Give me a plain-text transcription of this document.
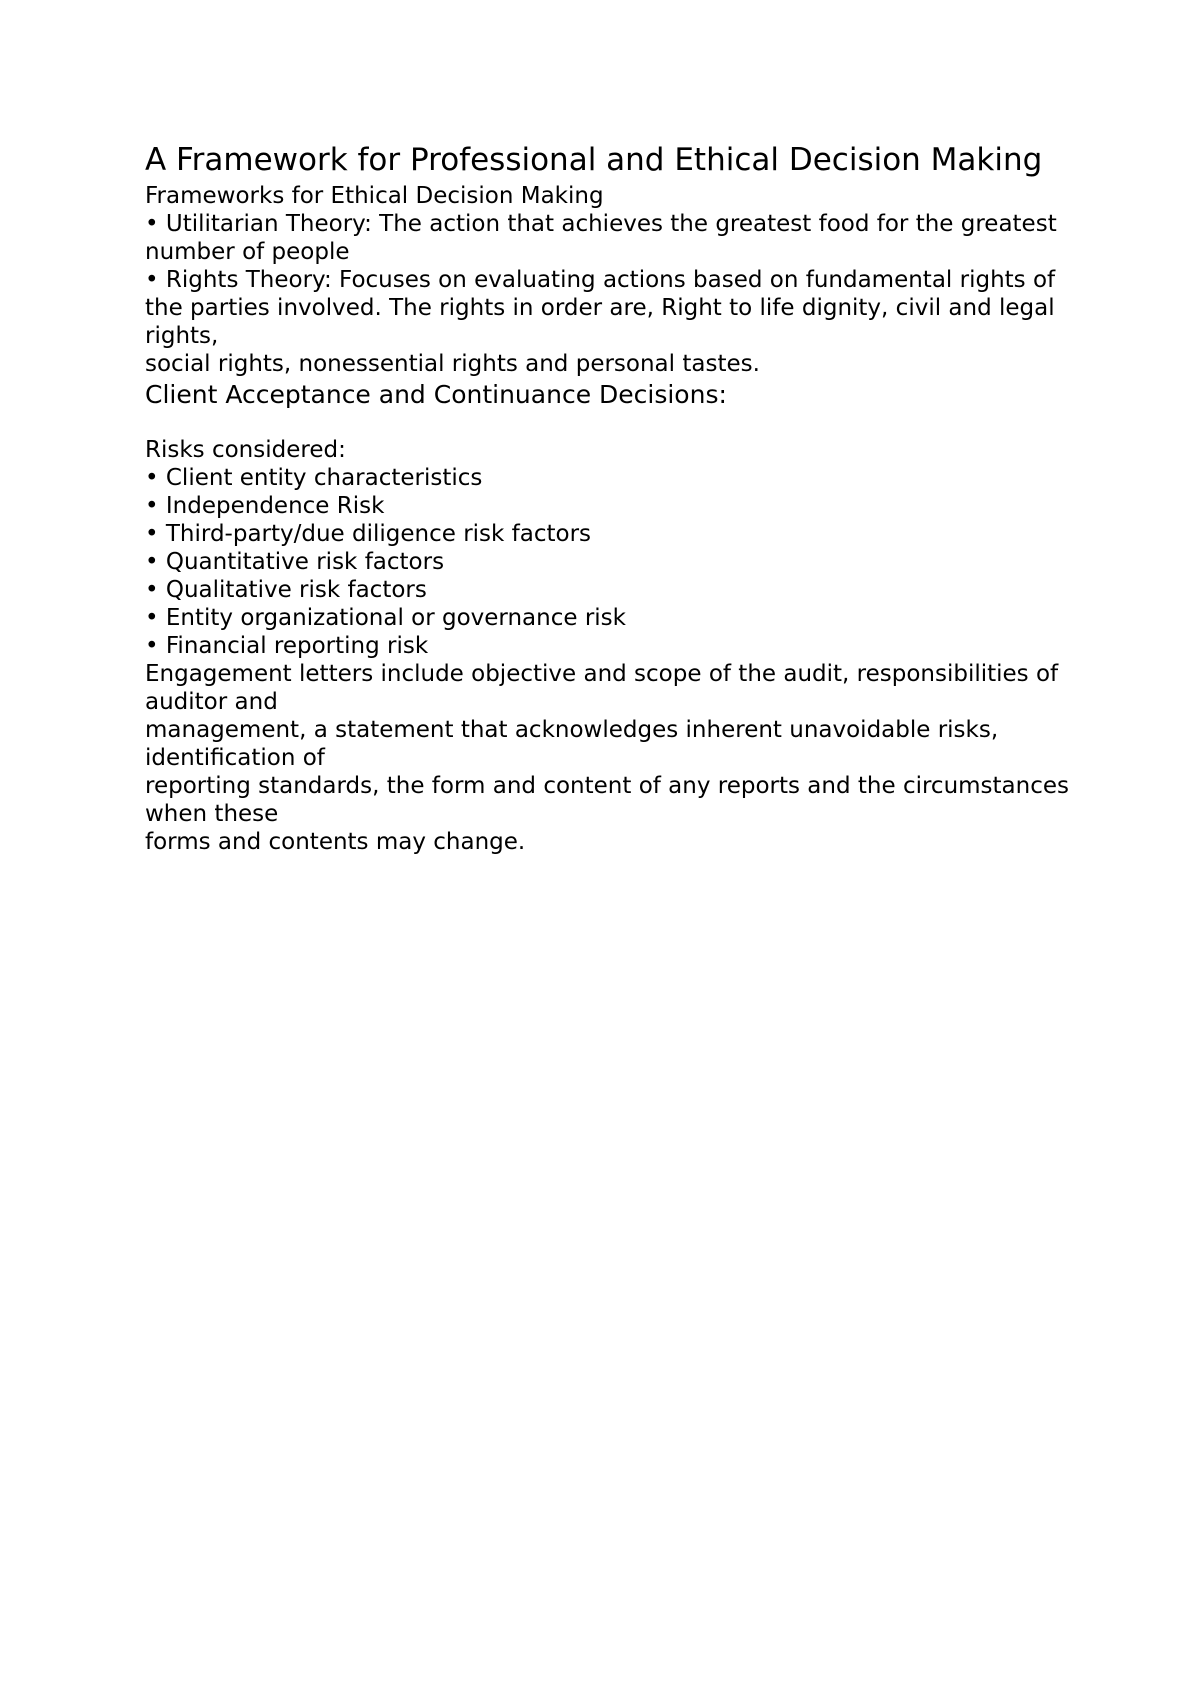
A Framework for Professional and Ethical Decision Making

Frameworks for Ethical Decision Making

• Utilitarian Theory: The action that achieves the greatest food for the greatest

number of people

• Rights Theory: Focuses on evaluating actions based on fundamental rights of

the parties involved. The rights in order are, Right to life dignity, civil and legal rights,

social rights, nonessential rights and personal tastes.

Client Acceptance and Continuance Decisions:

Risks considered:

• Client entity characteristics

• Independence Risk

• Third-party/due diligence risk factors

• Quantitative risk factors

• Qualitative risk factors

• Entity organizational or governance risk

• Financial reporting risk

Engagement letters include objective and scope of the audit, responsibilities of auditor and

management, a statement that acknowledges inherent unavoidable risks, identification of

reporting standards, the form and content of any reports and the circumstances when these

forms and contents may change.
